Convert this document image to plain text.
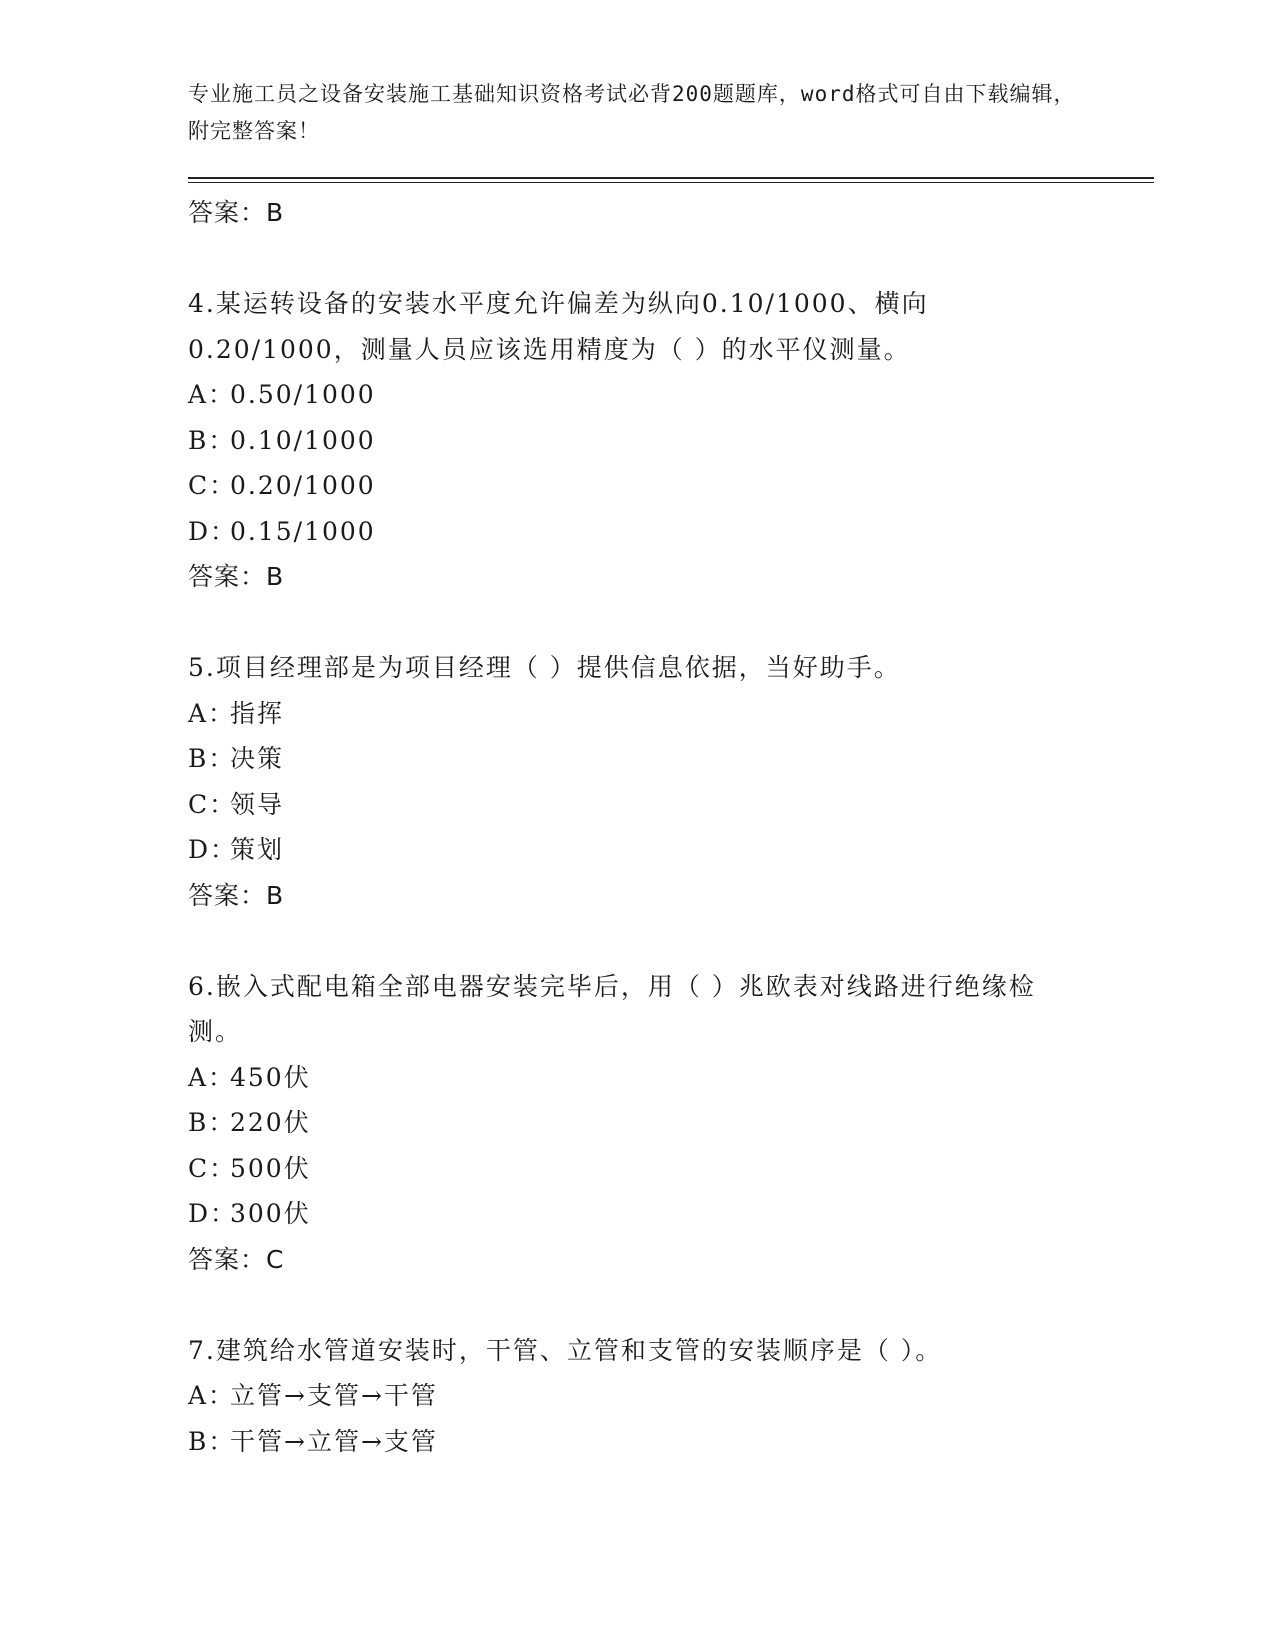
专业施工员之设备安装施工基础知识资格考试必背200题题库，word格式可自由下载编辑，附完整答案！
答案：B
4.某运转设备的安装水平度允许偏差为纵向0.10/1000、横向0.20/1000，测量人员应该选用精度为（ ）的水平仪测量。
A：0.50/1000
B：0.10/1000
C：0.20/1000
D：0.15/1000
答案：B
5.项目经理部是为项目经理（ ）提供信息依据，当好助手。
A：指挥
B：决策
C：领导
D：策划
答案：B
6.嵌入式配电箱全部电器安装完毕后，用（ ）兆欧表对线路进行绝缘检测。
A：450伏
B：220伏
C：500伏
D：300伏
答案：C
7.建筑给水管道安装时，干管、立管和支管的安装顺序是（ ）。
A：立管→支管→干管
B：干管→立管→支管
